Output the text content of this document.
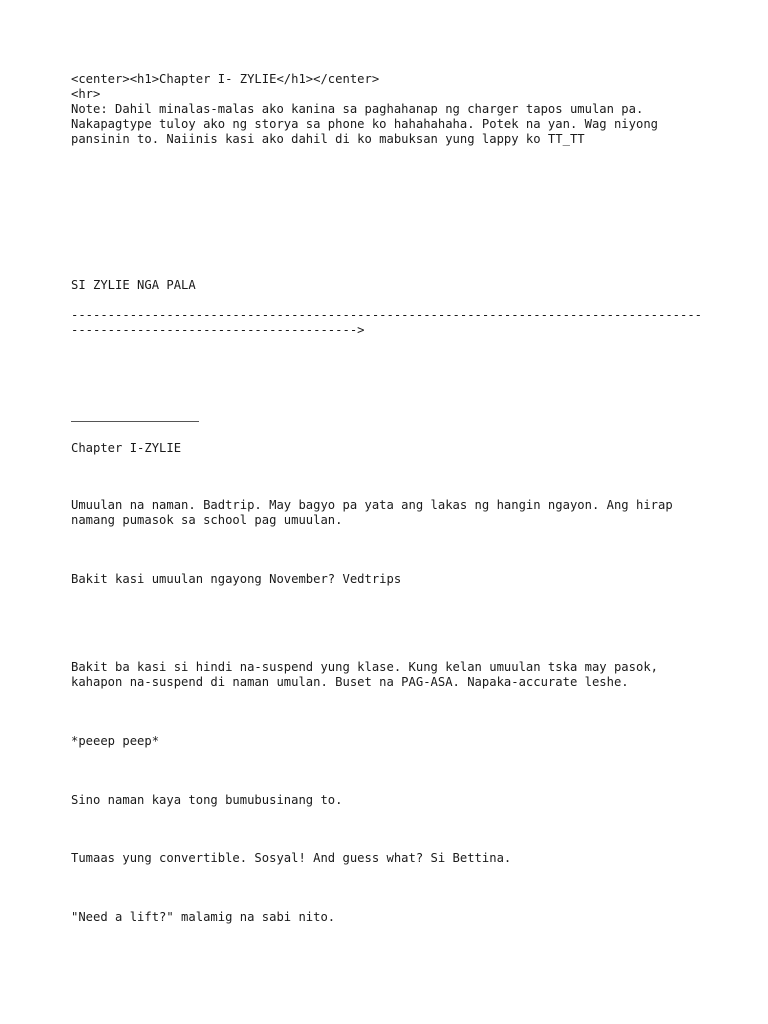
<center><h1>Chapter I- ZYLIE</h1></center>
<hr>
Note: Dahil minalas-malas ako kanina sa paghahanap ng charger tapos umulan pa.
Nakapagtype tuloy ako ng storya sa phone ko hahahahaha. Potek na yan. Wag niyong
pansinin to. Naiinis kasi ako dahil di ko mabuksan yung lappy ko TT_TT
SI ZYLIE NGA PALA
--------------------------------------------------------------------------------------
--------------------------------------->
Chapter I-ZYLIE
Umuulan na naman. Badtrip. May bagyo pa yata ang lakas ng hangin ngayon. Ang hirap
namang pumasok sa school pag umuulan.
Bakit kasi umuulan ngayong November? Vedtrips
Bakit ba kasi si hindi na-suspend yung klase. Kung kelan umuulan tska may pasok,
kahapon na-suspend di naman umulan. Buset na PAG-ASA. Napaka-accurate leshe.
*peeep peep*
Sino naman kaya tong bumubusinang to.
Tumaas yung convertible. Sosyal! And guess what? Si Bettina.
"Need a lift?" malamig na sabi nito.
